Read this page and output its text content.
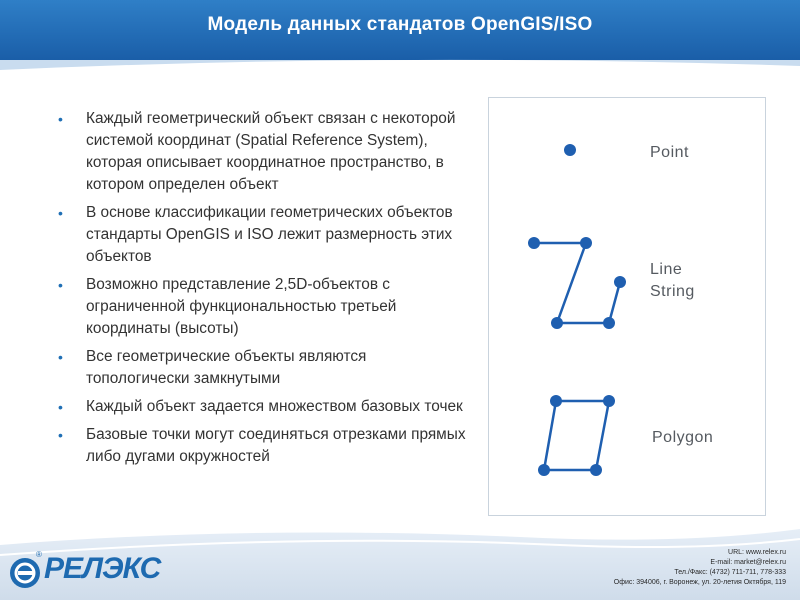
Модель данных стандатов OpenGIS/ISO
• Каждый геометрический объект связан с некоторой системой координат (Spatial Reference System), которая описывает координатное пространство, в котором определен объект
• В основе классификации геометрических объектов стандарты OpenGIS и ISO лежит размерность этих объектов
• Возможно представление 2,5D-объектов с ограниченной функциональностью третьей координаты (высоты)
• Все геометрические объекты являются топологически замкнутыми
• Каждый объект задается множеством базовых точек
• Базовые точки могут соединяться отрезками прямых либо дугами окружностей
Point
Line
String
Polygon
® РЕЛЭКС	URL: www.relex.ru
E-mail: market@relex.ru
Тел./Факс: (4732) 711-711, 778-333
Офис: 394006, г. Воронеж, ул. 20-летия Октября, 119
